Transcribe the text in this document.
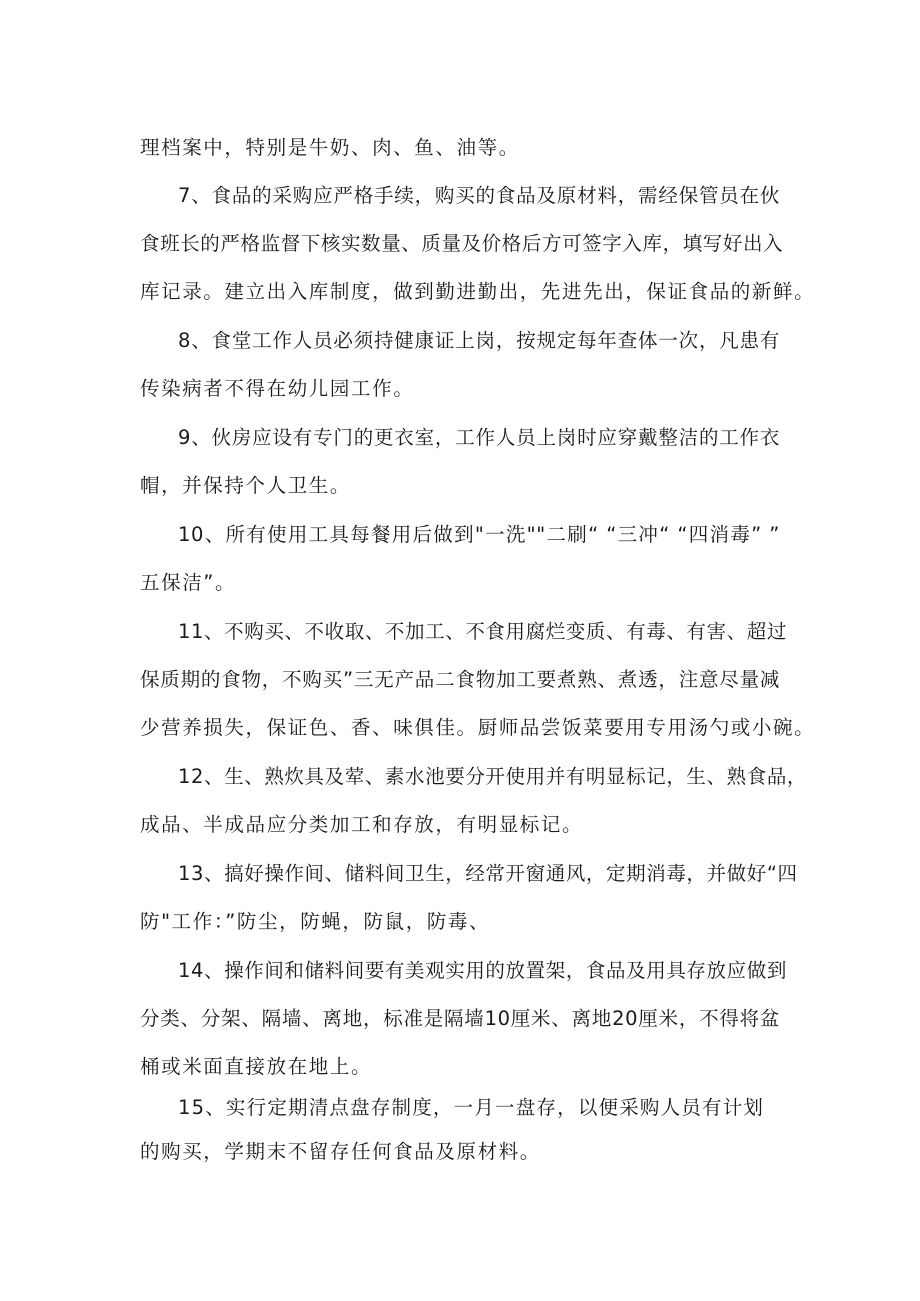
理档案中，特别是牛奶、肉、鱼、油等。
7、食品的采购应严格手续，购买的食品及原材料，需经保管员在伙
食班长的严格监督下核实数量、质量及价格后方可签字入库，填写好出入
库记录。建立出入库制度，做到勤进勤出，先进先出，保证食品的新鲜。
8、食堂工作人员必须持健康证上岗，按规定每年查体一次，凡患有
传染病者不得在幼儿园工作。
9、伙房应设有专门的更衣室，工作人员上岗时应穿戴整洁的工作衣
帽，并保持个人卫生。
10、所有使用工具每餐用后做到"一洗""二刷“ “三冲“ “四消毒” ”
五保洁”。
11、不购买、不收取、不加工、不食用腐烂变质、有毒、有害、超过
保质期的食物，不购买”三无产品二食物加工要煮熟、煮透，注意尽量减
少营养损失，保证色、香、味俱佳。厨师品尝饭菜要用专用汤勺或小碗。
12、生、熟炊具及荤、素水池要分开使用并有明显标记，生、熟食品，
成品、半成品应分类加工和存放，有明显标记。
13、搞好操作间、储料间卫生，经常开窗通风，定期消毒，并做好“四
防"工作：”防尘，防蝇，防鼠，防毒、
14、操作间和储料间要有美观实用的放置架，食品及用具存放应做到
分类、分架、隔墙、离地，标准是隔墙10厘米、离地20厘米，不得将盆
桶或米面直接放在地上。
15、实行定期清点盘存制度，一月一盘存，以便采购人员有计划
的购买，学期末不留存任何食品及原材料。
